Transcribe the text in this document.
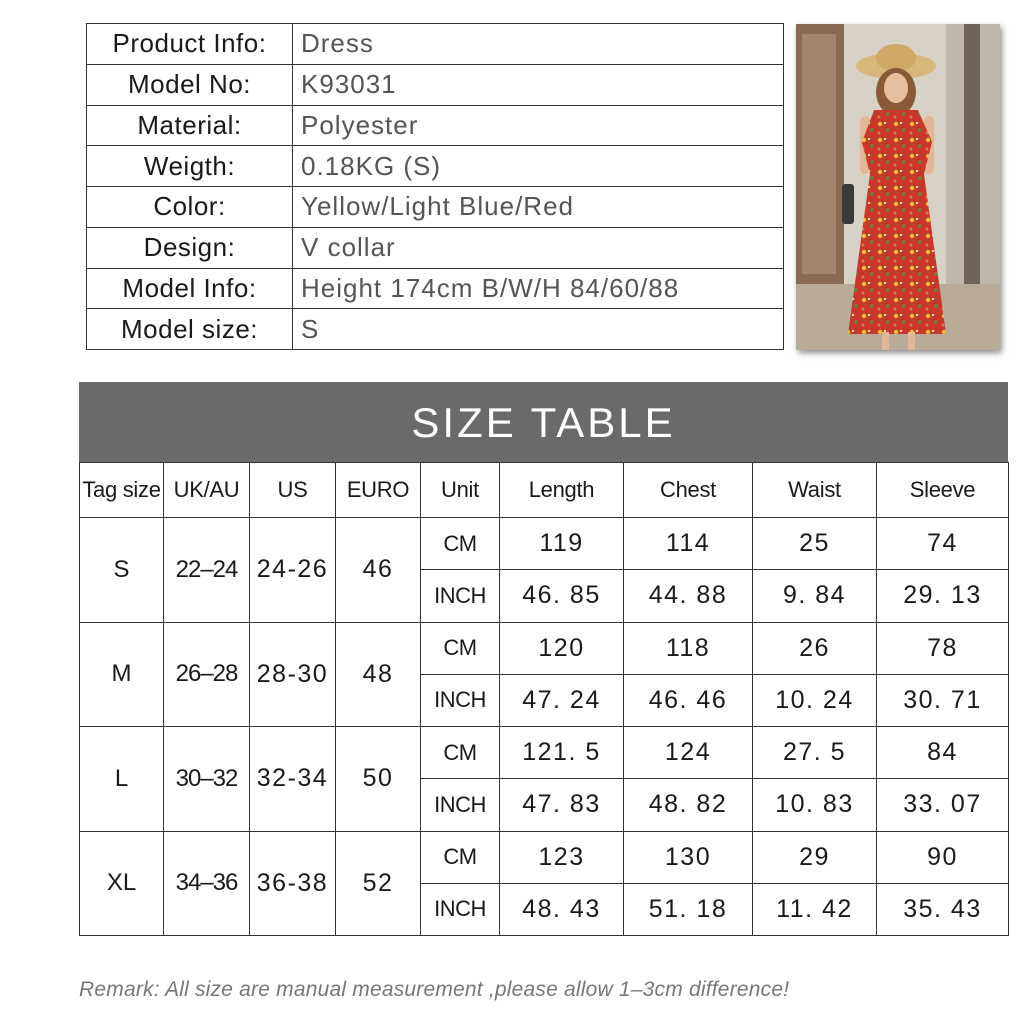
Product Info:	Dress
Model No:	K93031
Material:	Polyester
Weigth:	0.18KG (S)
Color:	Yellow/Light Blue/Red
Design:	V collar
Model Info:	Height 174cm B/W/H 84/60/88
Model size:	S
SIZE TABLE
Tag size	UK/AU	US	EURO	Unit	Length	Chest	Waist	Sleeve
S	22–24	24-26	46	CM	119	114	25	74
				INCH	46. 85	44. 88	9. 84	29. 13
M	26–28	28-30	48	CM	120	118	26	78
				INCH	47. 24	46. 46	10. 24	30. 71
L	30–32	32-34	50	CM	121. 5	124	27. 5	84
				INCH	47. 83	48. 82	10. 83	33. 07
XL	34–36	36-38	52	CM	123	130	29	90
				INCH	48. 43	51. 18	11. 42	35. 43
Remark: All size are manual measurement ,please allow 1–3cm difference!
